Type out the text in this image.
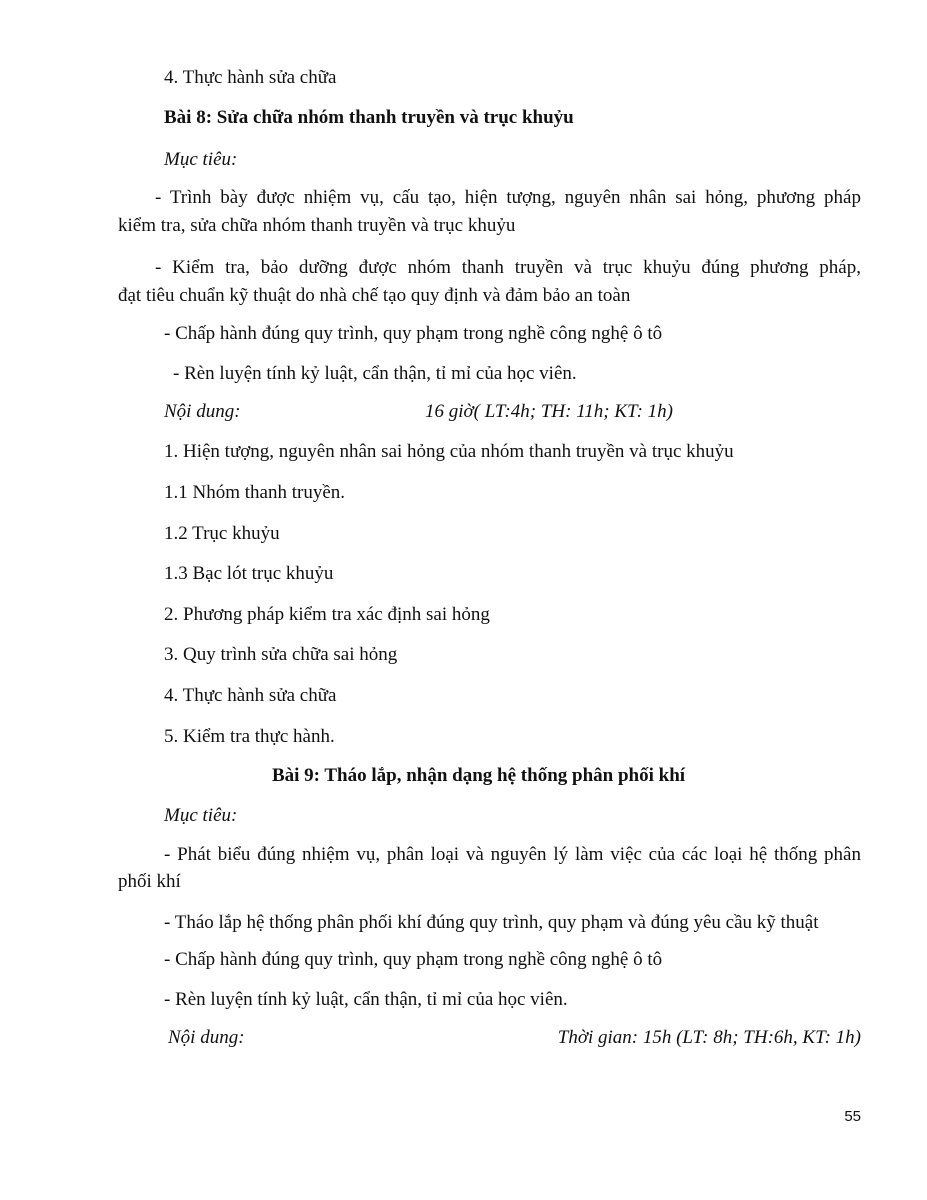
4. Thực hành sửa chữa
Bài 8: Sửa chữa nhóm thanh truyền và trục khuỷu
Mục tiêu:
- Trình bày được nhiệm vụ, cấu tạo, hiện tượng, nguyên nhân sai hỏng, phương pháp
kiểm tra, sửa chữa nhóm thanh truyền và trục khuỷu
- Kiểm tra, bảo dưỡng được nhóm thanh truyền và trục khuỷu đúng phương pháp,
đạt tiêu chuẩn kỹ thuật do nhà chế tạo quy định và đảm bảo an toàn
- Chấp hành đúng quy trình, quy phạm trong nghề công nghệ ô tô
- Rèn luyện tính kỷ luật, cẩn thận, tỉ mỉ của học viên.
Nội dung:	16 giờ( LT:4h; TH: 11h; KT: 1h)
1. Hiện tượng, nguyên nhân sai hỏng của nhóm thanh truyền và trục khuỷu
1.1 Nhóm thanh truyền.
1.2 Trục khuỷu
1.3 Bạc lót trục khuỷu
2. Phương pháp kiểm tra xác định sai hỏng
3. Quy trình sửa chữa sai hỏng
4. Thực hành sửa chữa
5. Kiểm tra thực hành.
Bài 9: Tháo lắp, nhận dạng hệ thống phân phối khí
Mục tiêu:
- Phát biểu đúng nhiệm vụ, phân loại và nguyên lý làm việc của các loại hệ thống phân
phối khí
- Tháo lắp hệ thống phân phối khí đúng quy trình, quy phạm và đúng yêu cầu kỹ thuật
- Chấp hành đúng quy trình, quy phạm trong nghề công nghệ ô tô
- Rèn luyện tính kỷ luật, cẩn thận, tỉ mỉ của học viên.
Nội dung:	Thời gian: 15h (LT: 8h; TH:6h, KT: 1h)
55
